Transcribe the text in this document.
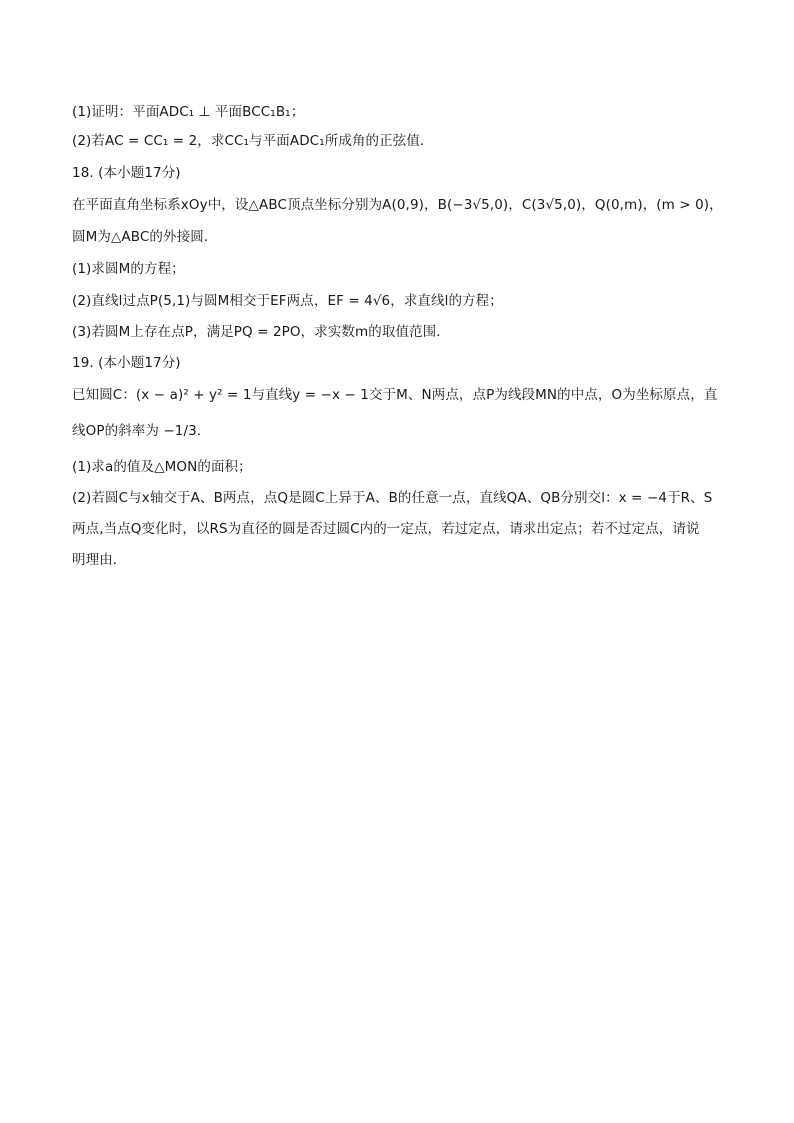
(1)证明：平面ADC₁ ⊥ 平面BCC₁B₁；
(2)若AC = CC₁ = 2，求CC₁与平面ADC₁所成角的正弦值．
18. (本小题17分)
在平面直角坐标系xOy中，设△ABC顶点坐标分别为A(0,9)，B(−3√5,0)，C(3√5,0)，Q(0,m)，(m > 0)，
圆M为△ABC的外接圆．
(1)求圆M的方程；
(2)直线l过点P(5,1)与圆M相交于EF两点，EF = 4√6，求直线l的方程；
(3)若圆M上存在点P，满足PQ = 2PO，求实数m的取值范围．
19. (本小题17分)
已知圆C：(x − a)² + y² = 1与直线y = −x − 1交于M、N两点，点P为线段MN的中点，O为坐标原点，直
线OP的斜率为 −1/3．
(1)求a的值及△MON的面积；
(2)若圆C与x轴交于A、B两点，点Q是圆C上异于A、B的任意一点，直线QA、QB分别交l：x = −4于R、S
两点,当点Q变化时，以RS为直径的圆是否过圆C内的一定点，若过定点，请求出定点；若不过定点，请说
明理由．
